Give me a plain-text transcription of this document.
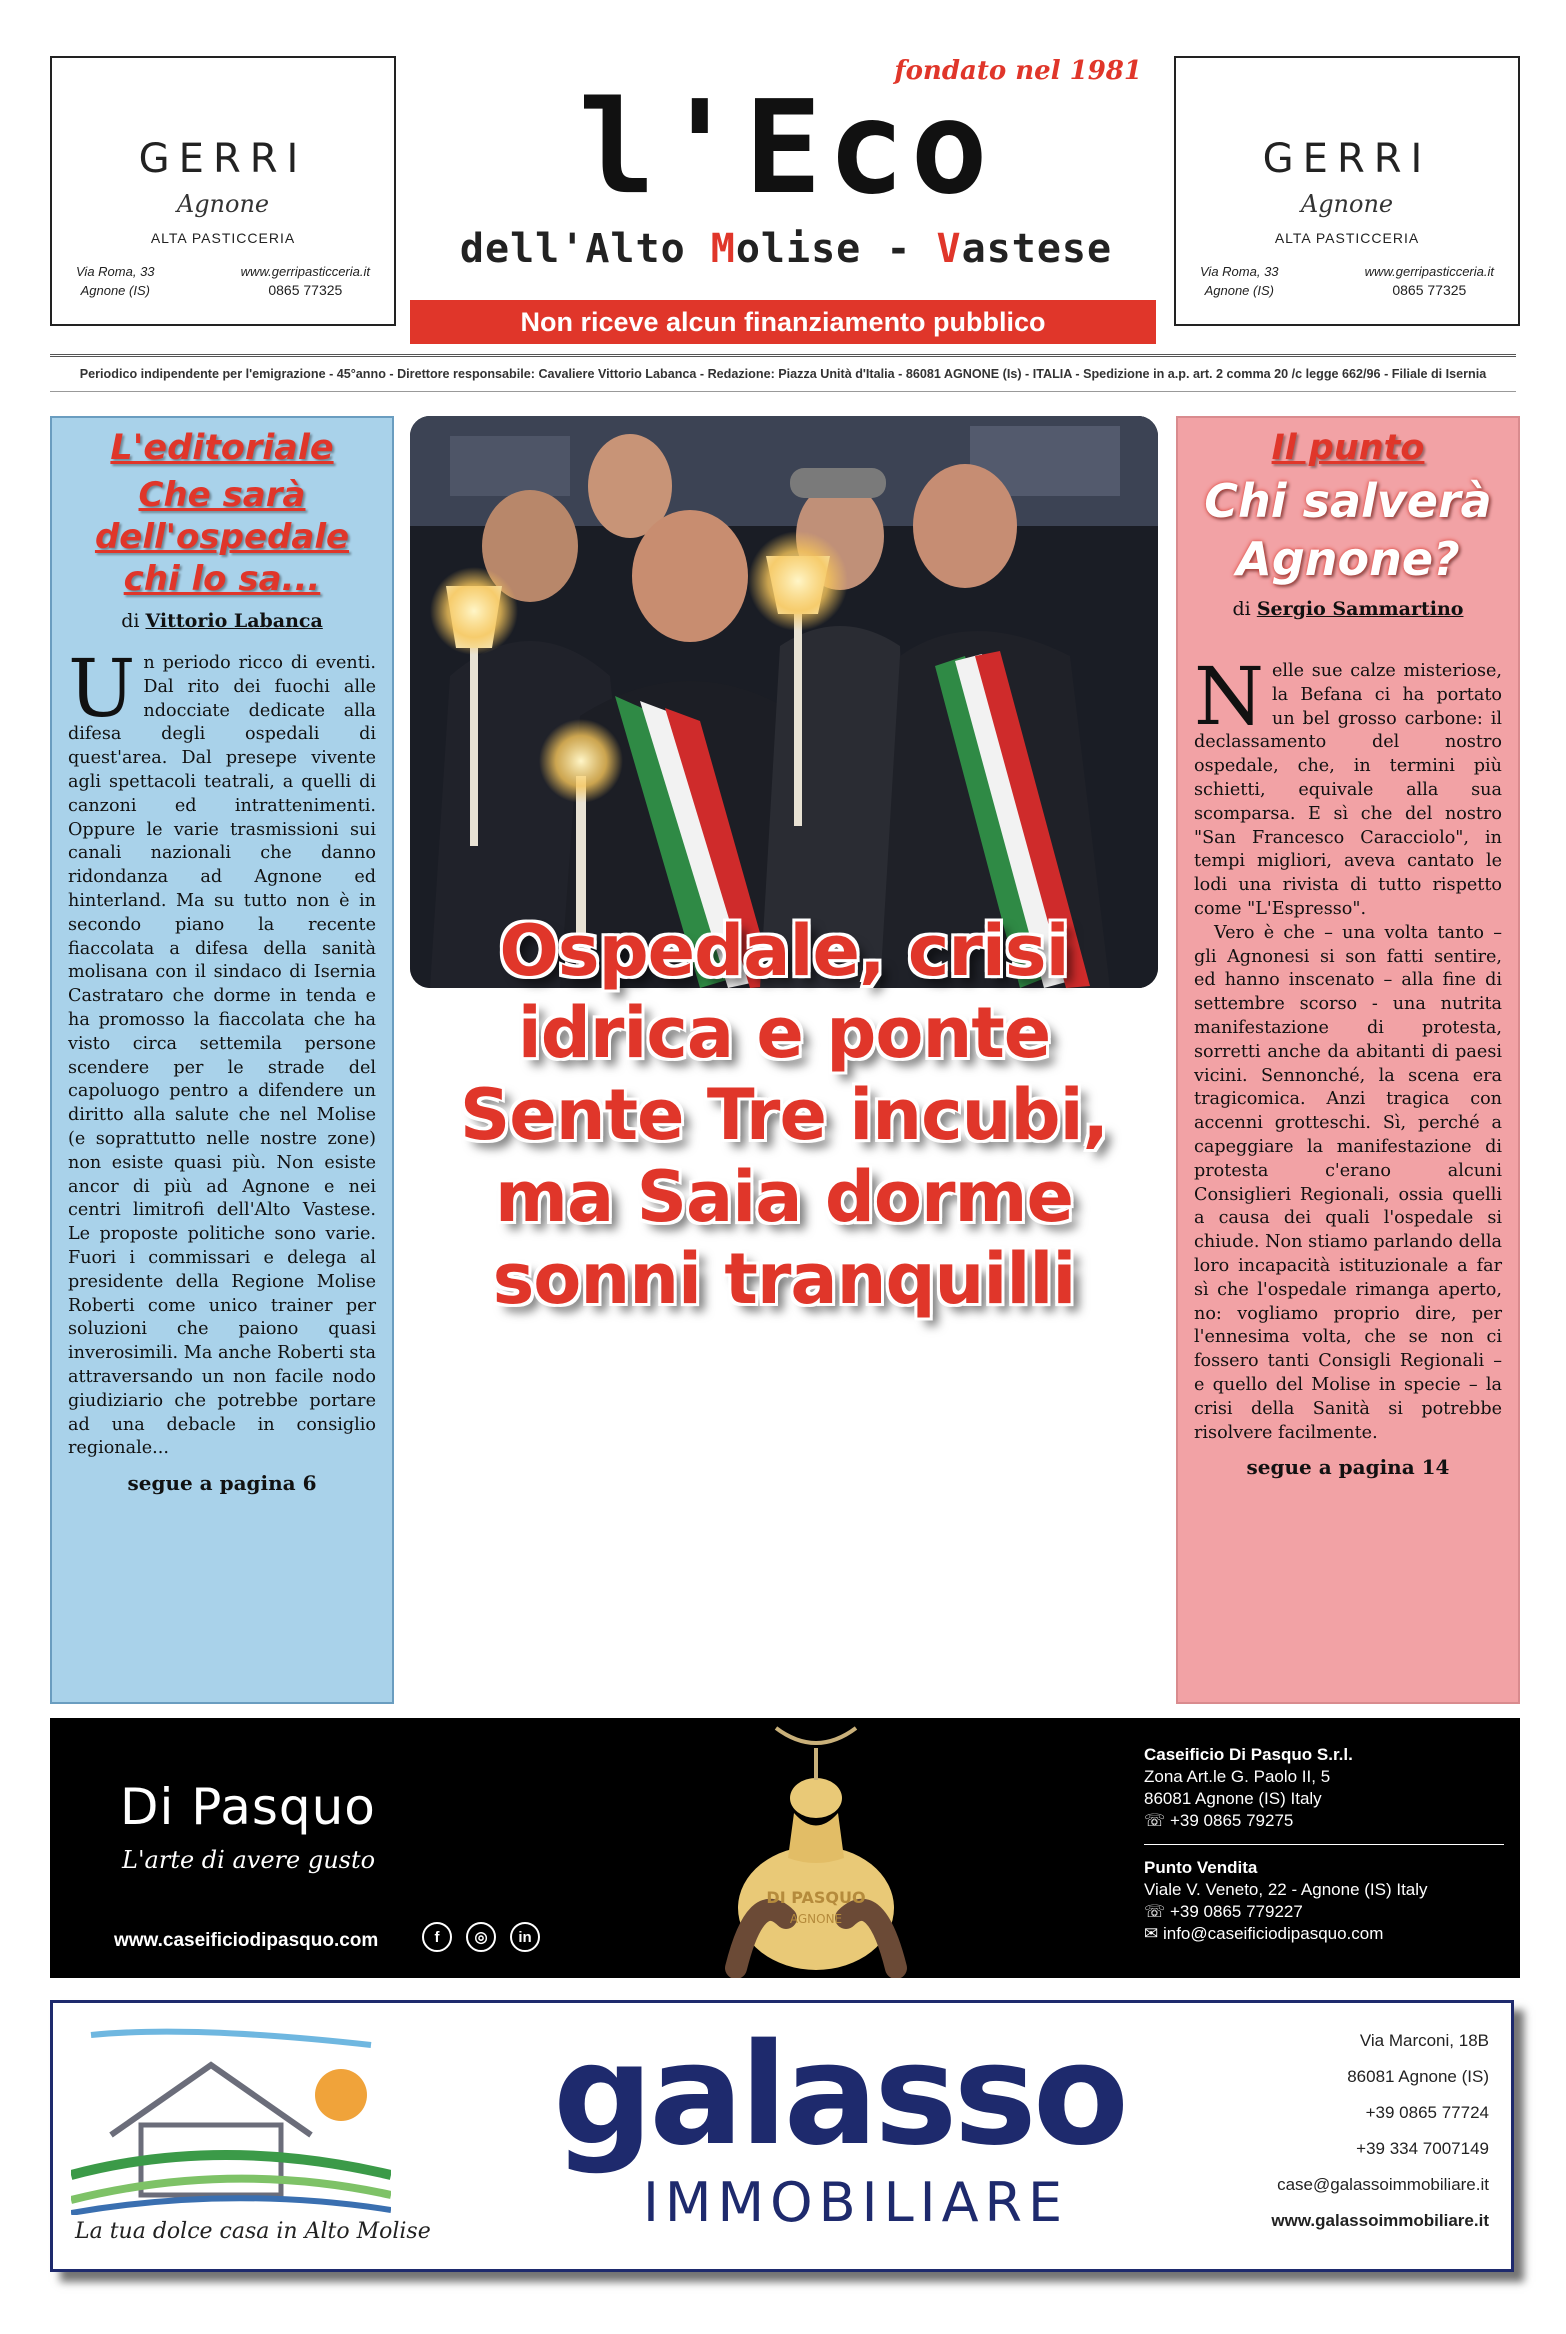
GERRI
Agnone
ALTA PASTICCERIA
Via Roma, 33
Agnone (IS)
www.gerripasticceria.it
0865 77325
fondato nel 1981
l'Eco
dell'Alto Molise - Vastese
Non riceve alcun finanziamento pubblico
GERRI
Agnone
ALTA PASTICCERIA
Via Roma, 33
Agnone (IS)
www.gerripasticceria.it
0865 77325
Periodico indipendente per l'emigrazione - 45°anno - Direttore responsabile: Cavaliere Vittorio Labanca - Redazione: Piazza Unità d'Italia - 86081 AGNONE (Is) - ITALIA - Spedizione in a.p. art. 2 comma 20 /c legge 662/96 - Filiale di Isernia
L'editoriale
Che sarà dell'ospedale chi lo sa...
di Vittorio Labanca

Un periodo ricco di eventi. Dal rito dei fuochi alle ndocciate dedicate alla difesa degli ospedali di quest'area. Dal presepe vivente agli spettacoli teatrali, a quelli di canzoni ed intrattenimenti. Oppure le varie trasmissioni sui canali nazionali che danno ridondanza ad Agnone ed hinterland. Ma su tutto non è in secondo piano la recente fiaccolata a difesa della sanità molisana con il sindaco di Isernia Castrataro che dorme in tenda e ha promosso la fiaccolata che ha visto circa settemila persone scendere per le strade del capoluogo pentro a difendere un diritto alla salute che nel Molise (e soprattutto nelle nostre zone) non esiste quasi più. Non esiste ancor di più ad Agnone e nei centri limitrofi dell'Alto Vastese. Le proposte politiche sono varie. Fuori i commissari e delega al presidente della Regione Molise Roberti come unico trainer per soluzioni che paiono quasi inverosimili. Ma anche Roberti sta attraversando un non facile nodo giudiziario che potrebbe portare ad una debacle in consiglio regionale...

segue a pagina 6
Ospedale, crisi idrica e ponte Sente Tre incubi, ma Saia dorme sonni tranquilli
Il punto
Chi salverà Agnone?
di Sergio Sammartino

Nelle sue calze misteriose, la Befana ci ha portato un bel grosso carbone: il declassamento del nostro ospedale, che, in termini più schietti, equivale alla sua scomparsa. E sì che del nostro "San Francesco Caracciolo", in tempi migliori, aveva cantato le lodi una rivista di tutto rispetto come "L'Espresso".

Vero è che – una volta tanto – gli Agnonesi si son fatti sentire, ed hanno inscenato – alla fine di settembre scorso - una nutrita manifestazione di protesta, sorretti anche da abitanti di paesi vicini. Sennonché, la scena era tragicomica. Anzi tragica con accenni grotteschi. Sì, perché a capeggiare la manifestazione di protesta c'erano alcuni Consiglieri Regionali, ossia quelli a causa dei quali l'ospedale si chiude. Non stiamo parlando della loro incapacità istituzionale a far sì che l'ospedale rimanga aperto, no: vogliamo proprio dire, per l'ennesima volta, che se non ci fossero tanti Consigli Regionali – e quello del Molise in specie – la crisi della Sanità si potrebbe risolvere facilmente.

segue a pagina 14
Di Pasquo
L'arte di avere gusto
www.caseificiodipasquo.com	f	◎	in
DI PASQUO
AGNONE
Caseificio Di Pasquo S.r.l.
Zona Art.le G. Paolo II, 5
86081 Agnone (IS) Italy
☏ +39 0865 79275
Punto Vendita
Viale V. Veneto, 22 - Agnone (IS) Italy
☏ +39 0865 779227
✉ info@caseificiodipasquo.com
La tua dolce casa in Alto Molise
galasso
IMMOBILIARE
Via Marconi, 18B
86081 Agnone (IS)
+39 0865 77724
+39 334 7007149
case@galassoimmobiliare.it
www.galassoimmobiliare.it
